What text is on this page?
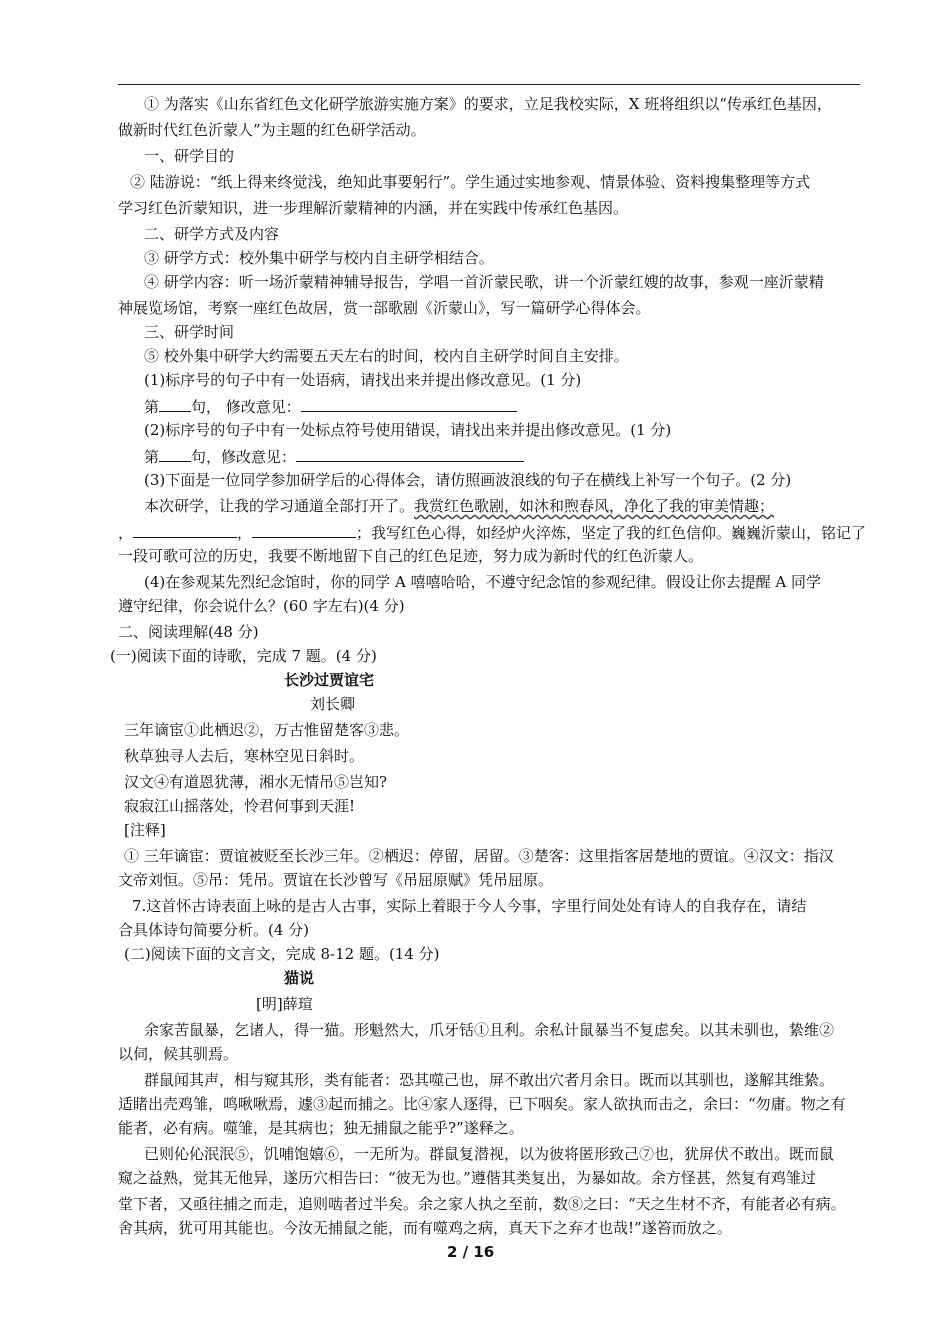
① 为落实《山东省红色文化研学旅游实施方案》的要求，立足我校实际，X 班将组织以“传承红色基因，
做新时代红色沂蒙人”为主题的红色研学活动。
一、研学目的
② 陆游说：“纸上得来终觉浅，绝知此事要躬行”。学生通过实地参观、情景体验、资料搜集整理等方式
学习红色沂蒙知识，进一步理解沂蒙精神的内涵，并在实践中传承红色基因。
二、研学方式及内容
③ 研学方式：校外集中研学与校内自主研学相结合。
④ 研学内容：听一场沂蒙精神辅导报告，学唱一首沂蒙民歌，讲一个沂蒙红嫂的故事，参观一座沂蒙精
神展览场馆，考察一座红色故居，赏一部歌剧《沂蒙山》，写一篇研学心得体会。
三、研学时间
⑤ 校外集中研学大约需要五天左右的时间，校内自主研学时间自主安排。
(1)标序号的句子中有一处语病，请找出来并提出修改意见。(1 分)
第 句， 修改意见：
(2)标序号的句子中有一处标点符号使用错误，请找出来并提出修改意见。(1 分)
第 句，修改意见：
(3)下面是一位同学参加研学后的心得体会，请仿照画波浪线的句子在横线上补写一个句子。(2 分)
本次研学，让我的学习通道全部打开了。我赏红色歌剧，如沐和煦春风，净化了我的审美情趣；
，	，	；我写红色心得，如经炉火淬炼，坚定了我的红色信仰。巍巍沂蒙山，铭记了
一段可歌可泣的历史，我要不断地留下自己的红色足迹，努力成为新时代的红色沂蒙人。
(4)在参观某先烈纪念馆时，你的同学 A 嘻嘻哈哈，不遵守纪念馆的参观纪律。假设让你去提醒 A 同学
遵守纪律，你会说什么？(60 字左右)(4 分)
二、阅读理解(48 分)
(一)阅读下面的诗歌，完成 7 题。(4 分)
长沙过贾谊宅
刘长卿
三年谪宦①此栖迟②，万古惟留楚客③悲。
秋草独寻人去后，寒林空见日斜时。
汉文④有道恩犹薄，湘水无情吊⑤岂知?
寂寂江山摇落处，怜君何事到天涯!
[注释]
① 三年谪宦：贾谊被贬至长沙三年。②栖迟：停留，居留。③楚客：这里指客居楚地的贾谊。④汉文：指汉
文帝刘恒。⑤吊：凭吊。贾谊在长沙曾写《吊屈原赋》凭吊屈原。
7.这首怀古诗表面上咏的是古人古事，实际上着眼于今人今事，字里行间处处有诗人的自我存在，请结
合具体诗句简要分析。(4 分)
(二)阅读下面的文言文，完成 8-12 题。(14 分)
猫说
[明]薛瑄
余家苦鼠暴，乞诸人，得一猫。形魁然大，爪牙铦①且利。余私计鼠暴当不复虑矣。以其未驯也，絷维②
以伺，候其驯焉。
群鼠闻其声，相与窥其形，类有能者：恐其噬己也，屏不敢出穴者月余日。既而以其驯也，遂解其维絷。
适睹出壳鸡雏，鸣啾啾焉，遽③起而捕之。比④家人逐得，已下咽矣。家人欲执而击之，余曰：“勿庸。物之有
能者，必有病。噬雏，是其病也；独无捕鼠之能乎?”遂释之。
已则伈伈泯泯⑤，饥哺饱嬉⑥，一无所为。群鼠复潜视，以为彼将匿形致己⑦也，犹屏伏不敢出。既而鼠
窥之益熟，觉其无他异，遂历穴相告曰：“彼无为也。”遵偕其类复出，为暴如故。余方怪甚，然复有鸡雏过
堂下者，又亟往捕之而走，追则啮者过半矣。余之家人执之至前，数⑧之曰：“天之生材不齐，有能者必有病。
舍其病，犹可用其能也。今汝无捕鼠之能，而有噬鸡之病，真天下之弃才也哉!”遂笞而放之。
2 / 16
